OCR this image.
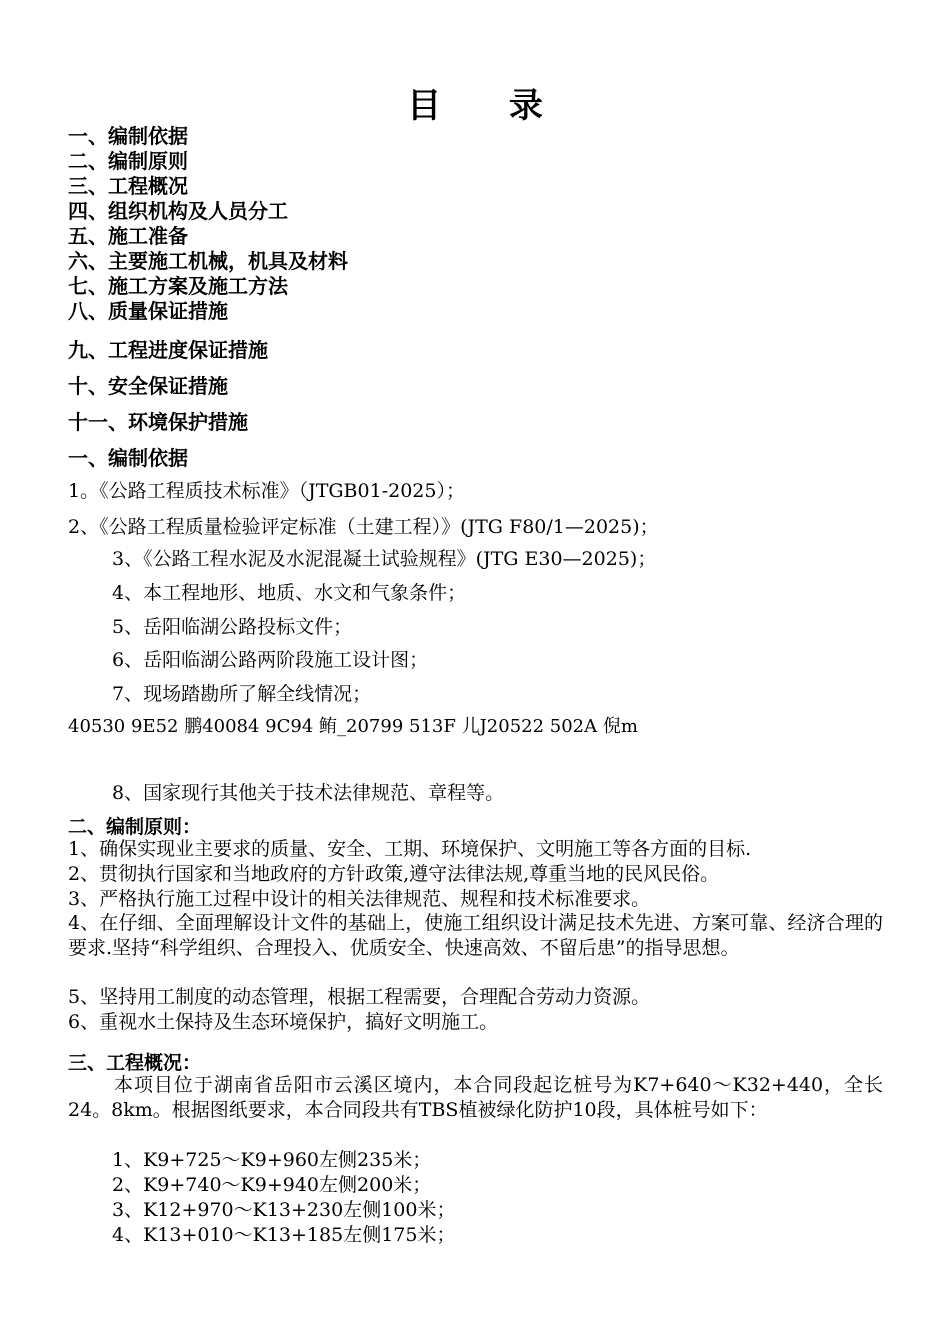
目 录
一、编制依据
二、编制原则
三、工程概况
四、组织机构及人员分工
五、施工准备
六、主要施工机械，机具及材料
七、施工方案及施工方法
八、质量保证措施
九、工程进度保证措施
十、安全保证措施
十一、环境保护措施
一、编制依据
1。《公路工程质技术标准》（JTGB01-2025）；
2、《公路工程质量检验评定标准（土建工程）》(JTG F80/1—2025)；
3、《公路工程水泥及水泥混凝土试验规程》(JTG E30—2025)；
4、本工程地形、地质、水文和气象条件；
5、岳阳临湖公路投标文件；
6、岳阳临湖公路两阶段施工设计图；
7、现场踏勘所了解全线情况；
40530 9E52 鹏40084 9C94 鲔_20799 513F 儿J20522 502A 倪m
8、国家现行其他关于技术法律规范、章程等。
二、编制原则：
1、确保实现业主要求的质量、安全、工期、环境保护、文明施工等各方面的目标.
2、贯彻执行国家和当地政府的方针政策,遵守法律法规,尊重当地的民风民俗。
3、严格执行施工过程中设计的相关法律规范、规程和技术标准要求。
4、在仔细、全面理解设计文件的基础上，使施工组织设计满足技术先进、方案可靠、经济合理的要求.坚持“科学组织、合理投入、优质安全、快速高效、不留后患”的指导思想。
5、坚持用工制度的动态管理，根据工程需要，合理配合劳动力资源。
6、重视水土保持及生态环境保护，搞好文明施工。
三、工程概况：
本项目位于湖南省岳阳市云溪区境内，本合同段起讫桩号为K7+640～K32+440，全长24。8km。根据图纸要求，本合同段共有TBS植被绿化防护10段，具体桩号如下：
1、K9+725～K9+960左侧235米；
2、K9+740～K9+940左侧200米；
3、K12+970～K13+230左侧100米；
4、K13+010～K13+185左侧175米；
